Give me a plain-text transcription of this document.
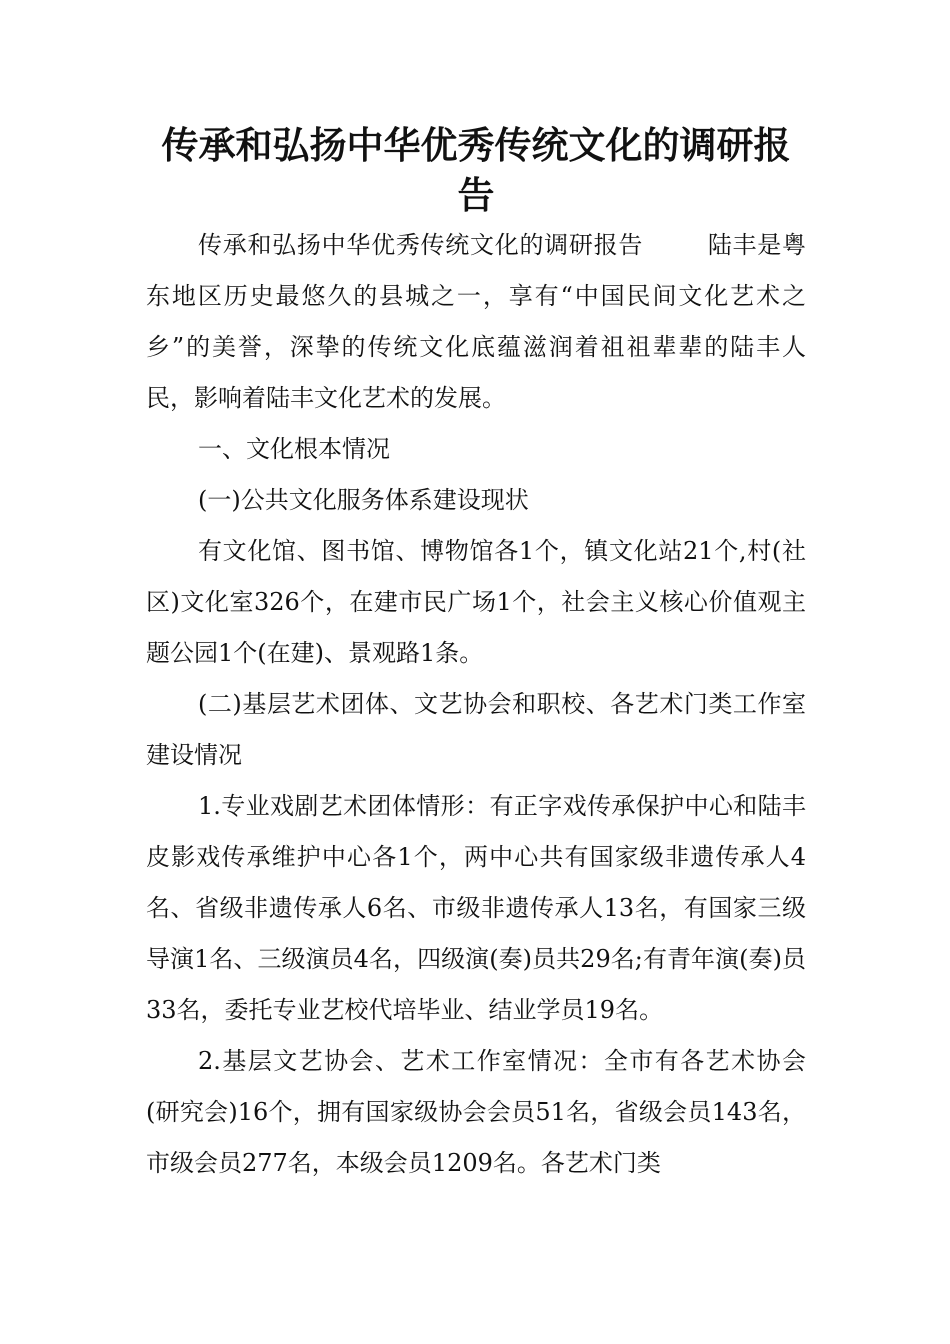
传承和弘扬中华优秀传统文化的调研报告

传承和弘扬中华优秀传统文化的调研报告	陆丰是粤东地区历史最悠久的县城之一，享有“中国民间文化艺术之乡”的美誉，深挚的传统文化底蕴滋润着祖祖辈辈的陆丰人民，影响着陆丰文化艺术的发展。

一、文化根本情况

(一)公共文化服务体系建设现状

有文化馆、图书馆、博物馆各1个，镇文化站21个,村(社区)文化室326个，在建市民广场1个，社会主义核心价值观主题公园1个(在建)、景观路1条。

(二)基层艺术团体、文艺协会和职校、各艺术门类工作室建设情况

1.专业戏剧艺术团体情形：有正字戏传承保护中心和陆丰皮影戏传承维护中心各1个，两中心共有国家级非遗传承人4名、省级非遗传承人6名、市级非遗传承人13名，有国家三级导演1名、三级演员4名，四级演(奏)员共29名;有青年演(奏)员33名，委托专业艺校代培毕业、结业学员19名。

2.基层文艺协会、艺术工作室情况：全市有各艺术协会(研究会)16个，拥有国家级协会会员51名，省级会员143名，市级会员277名，本级会员1209名。各艺术门类
